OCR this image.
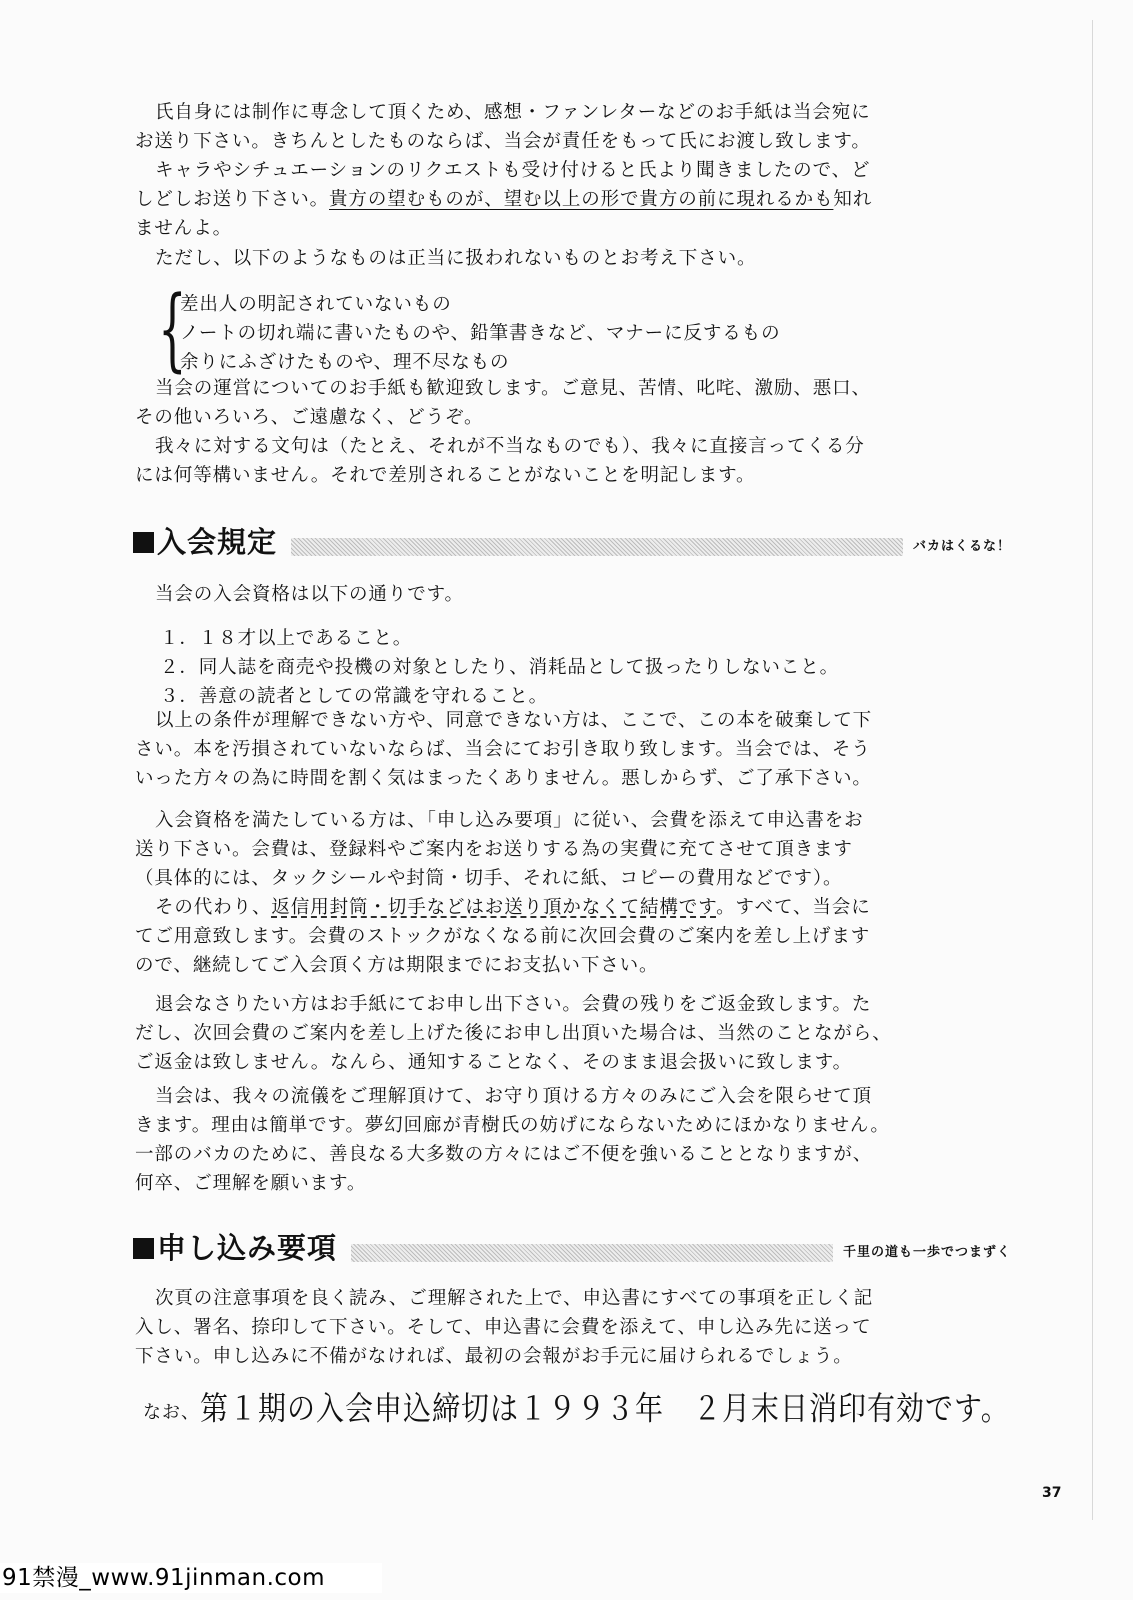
氏自身には制作に専念して頂くため、感想・ファンレターなどのお手紙は当会宛に
お送り下さい。きちんとしたものならば、当会が責任をもって氏にお渡し致します。
キャラやシチュエーションのリクエストも受け付けると氏より聞きましたので、ど
しどしお送り下さい。貴方の望むものが、望む以上の形で貴方の前に現れるかも知れ
ませんよ。
ただし、以下のようなものは正当に扱われないものとお考え下さい。
{
差出人の明記されていないもの
ノートの切れ端に書いたものや、鉛筆書きなど、マナーに反するもの
余りにふざけたものや、理不尽なもの
当会の運営についてのお手紙も歓迎致します。ご意見、苦情、叱咤、激励、悪口、
その他いろいろ、ご遠慮なく、どうぞ。
我々に対する文句は（たとえ、それが不当なものでも）、我々に直接言ってくる分
には何等構いません。それで差別されることがないことを明記します。
入会規定	バカはくるな！
当会の入会資格は以下の通りです。
１．１８才以上であること。
２．同人誌を商売や投機の対象としたり、消耗品として扱ったりしないこと。
３．善意の読者としての常識を守れること。
以上の条件が理解できない方や、同意できない方は、ここで、この本を破棄して下
さい。本を汚損されていないならば、当会にてお引き取り致します。当会では、そう
いった方々の為に時間を割く気はまったくありません。悪しからず、ご了承下さい。
入会資格を満たしている方は、「申し込み要項」に従い、会費を添えて申込書をお
送り下さい。会費は、登録料やご案内をお送りする為の実費に充てさせて頂きます
（具体的には、タックシールや封筒・切手、それに紙、コピーの費用などです）。
その代わり、返信用封筒・切手などはお送り頂かなくて結構です。すべて、当会に
てご用意致します。会費のストックがなくなる前に次回会費のご案内を差し上げます
ので、継続してご入会頂く方は期限までにお支払い下さい。
退会なさりたい方はお手紙にてお申し出下さい。会費の残りをご返金致します。た
だし、次回会費のご案内を差し上げた後にお申し出頂いた場合は、当然のことながら、
ご返金は致しません。なんら、通知することなく、そのまま退会扱いに致します。
当会は、我々の流儀をご理解頂けて、お守り頂ける方々のみにご入会を限らせて頂
きます。理由は簡単です。夢幻回廊が青樹氏の妨げにならないためにほかなりません。
一部のバカのために、善良なる大多数の方々にはご不便を強いることとなりますが、
何卒、ご理解を願います。
申し込み要項	千里の道も一歩でつまずく
次頁の注意事項を良く読み、ご理解された上で、申込書にすべての事項を正しく記
入し、署名、捺印して下さい。そして、申込書に会費を添えて、申し込み先に送って
下さい。申し込みに不備がなければ、最初の会報がお手元に届けられるでしょう。
なお、第１期の入会申込締切は１９９３年　２月末日消印有効です。
37
91禁漫_www.91jinman.com
